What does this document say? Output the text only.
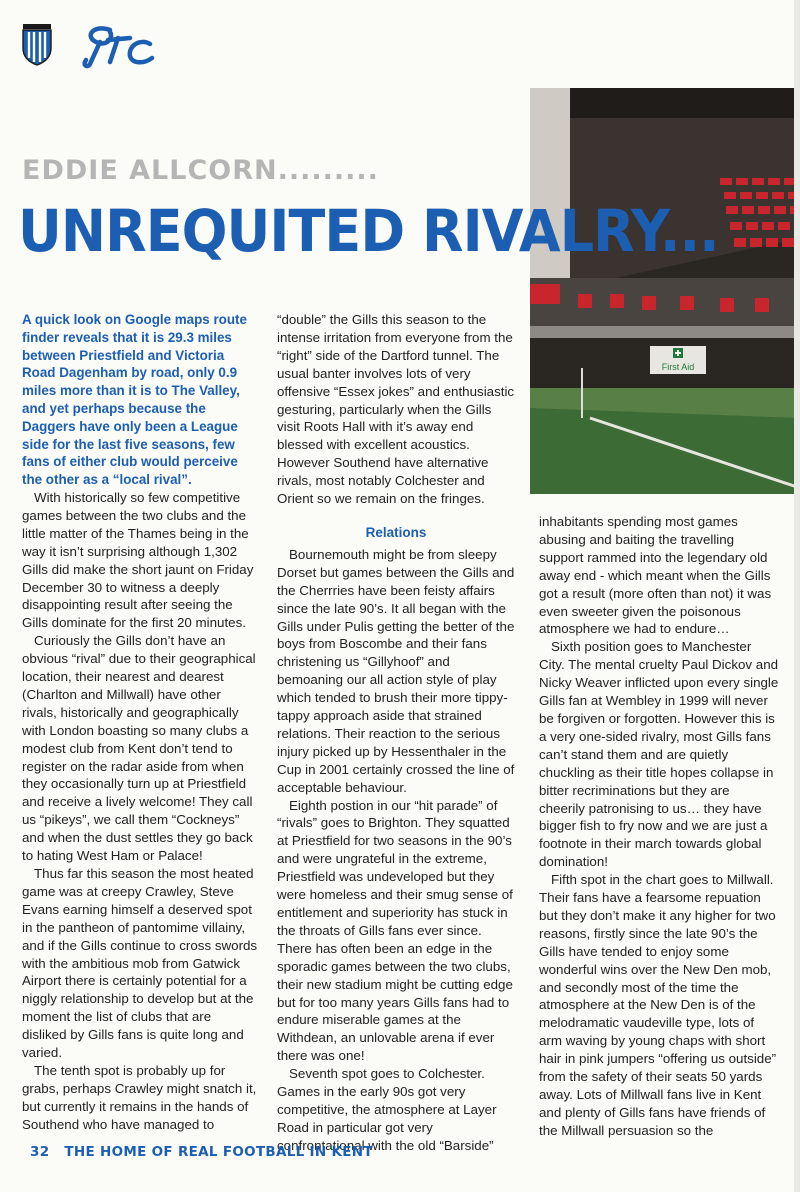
First Aid

EDDIE ALLCORN.........

UNREQUITED RIVALRY...

A quick look on Google maps route finder reveals that it is 29.3 miles between Priestfield and Victoria Road Dagenham by road, only 0.9 miles more than it is to The Valley, and yet perhaps because the Daggers have only been a League side for the last five seasons, few fans of either club would perceive the other as a “local rival”.

With historically so few competitive games between the two clubs and the little matter of the Thames being in the way it isn’t surprising although 1,302 Gills did make the short jaunt on Friday December 30 to witness a deeply disappointing result after seeing the Gills dominate for the first 20 minutes.

Curiously the Gills don’t have an obvious “rival” due to their geographical location, their nearest and dearest (Charlton and Millwall) have other rivals, historically and geographically with London boasting so many clubs a modest club from Kent don’t tend to register on the radar aside from when they occasionally turn up at Priestfield and receive a lively welcome! They call us “pikeys”, we call them “Cockneys” and when the dust settles they go back to hating West Ham or Palace!

Thus far this season the most heated game was at creepy Crawley, Steve Evans earning himself a deserved spot in the pantheon of pantomime villainy, and if the Gills continue to cross swords with the ambitious mob from Gatwick Airport there is certainly potential for a niggly relationship to develop but at the moment the list of clubs that are disliked by Gills fans is quite long and varied.

The tenth spot is probably up for grabs, perhaps Crawley might snatch it, but currently it remains in the hands of Southend who have managed to

“double” the Gills this season to the intense irritation from everyone from the “right” side of the Dartford tunnel. The usual banter involves lots of very offensive “Essex jokes” and enthusiastic gesturing, particularly when the Gills visit Roots Hall with it’s away end blessed with excellent acoustics. However Southend have alternative rivals, most notably Colchester and Orient so we remain on the fringes.

Relations

Bournemouth might be from sleepy Dorset but games between the Gills and the Cherrries have been feisty affairs since the late 90’s. It all began with the Gills under Pulis getting the better of the boys from Boscombe and their fans christening us “Gillyhoof” and bemoaning our all action style of play which tended to brush their more tippy-tappy approach aside that strained relations. Their reaction to the serious injury picked up by Hessenthaler in the Cup in 2001 certainly crossed the line of acceptable behaviour.

Eighth postion in our “hit parade” of “rivals” goes to Brighton. They squatted at Priestfield for two seasons in the 90’s and were ungrateful in the extreme, Priestfield was undeveloped but they were homeless and their smug sense of entitlement and superiority has stuck in the throats of Gills fans ever since. There has often been an edge in the sporadic games between the two clubs, their new stadium might be cutting edge but for too many years Gills fans had to endure miserable games at the Withdean, an unlovable arena if ever there was one!

Seventh spot goes to Colchester. Games in the early 90s got very competitive, the atmosphere at Layer Road in particular got very confrontational with the old “Barside”

inhabitants spending most games abusing and baiting the travelling support rammed into the legendary old away end - which meant when the Gills got a result (more often than not) it was even sweeter given the poisonous atmosphere we had to endure…

Sixth position goes to Manchester City. The mental cruelty Paul Dickov and Nicky Weaver inflicted upon every single Gills fan at Wembley in 1999 will never be forgiven or forgotten. However this is a very one-sided rivalry, most Gills fans can’t stand them and are quietly chuckling as their title hopes collapse in bitter recriminations but they are cheerily patronising to us… they have bigger fish to fry now and we are just a footnote in their march towards global domination!

Fifth spot in the chart goes to Millwall. Their fans have a fearsome repuation but they don’t make it any higher for two reasons, firstly since the late 90’s the Gills have tended to enjoy some wonderful wins over the New Den mob, and secondly most of the time the atmosphere at the New Den is of the melodramatic vaudeville type, lots of arm waving by young chaps with short hair in pink jumpers “offering us outside” from the safety of their seats 50 yards away. Lots of Millwall fans live in Kent and plenty of Gills fans have friends of the Millwall persuasion so the

32 THE HOME OF REAL FOOTBALL IN KENT
